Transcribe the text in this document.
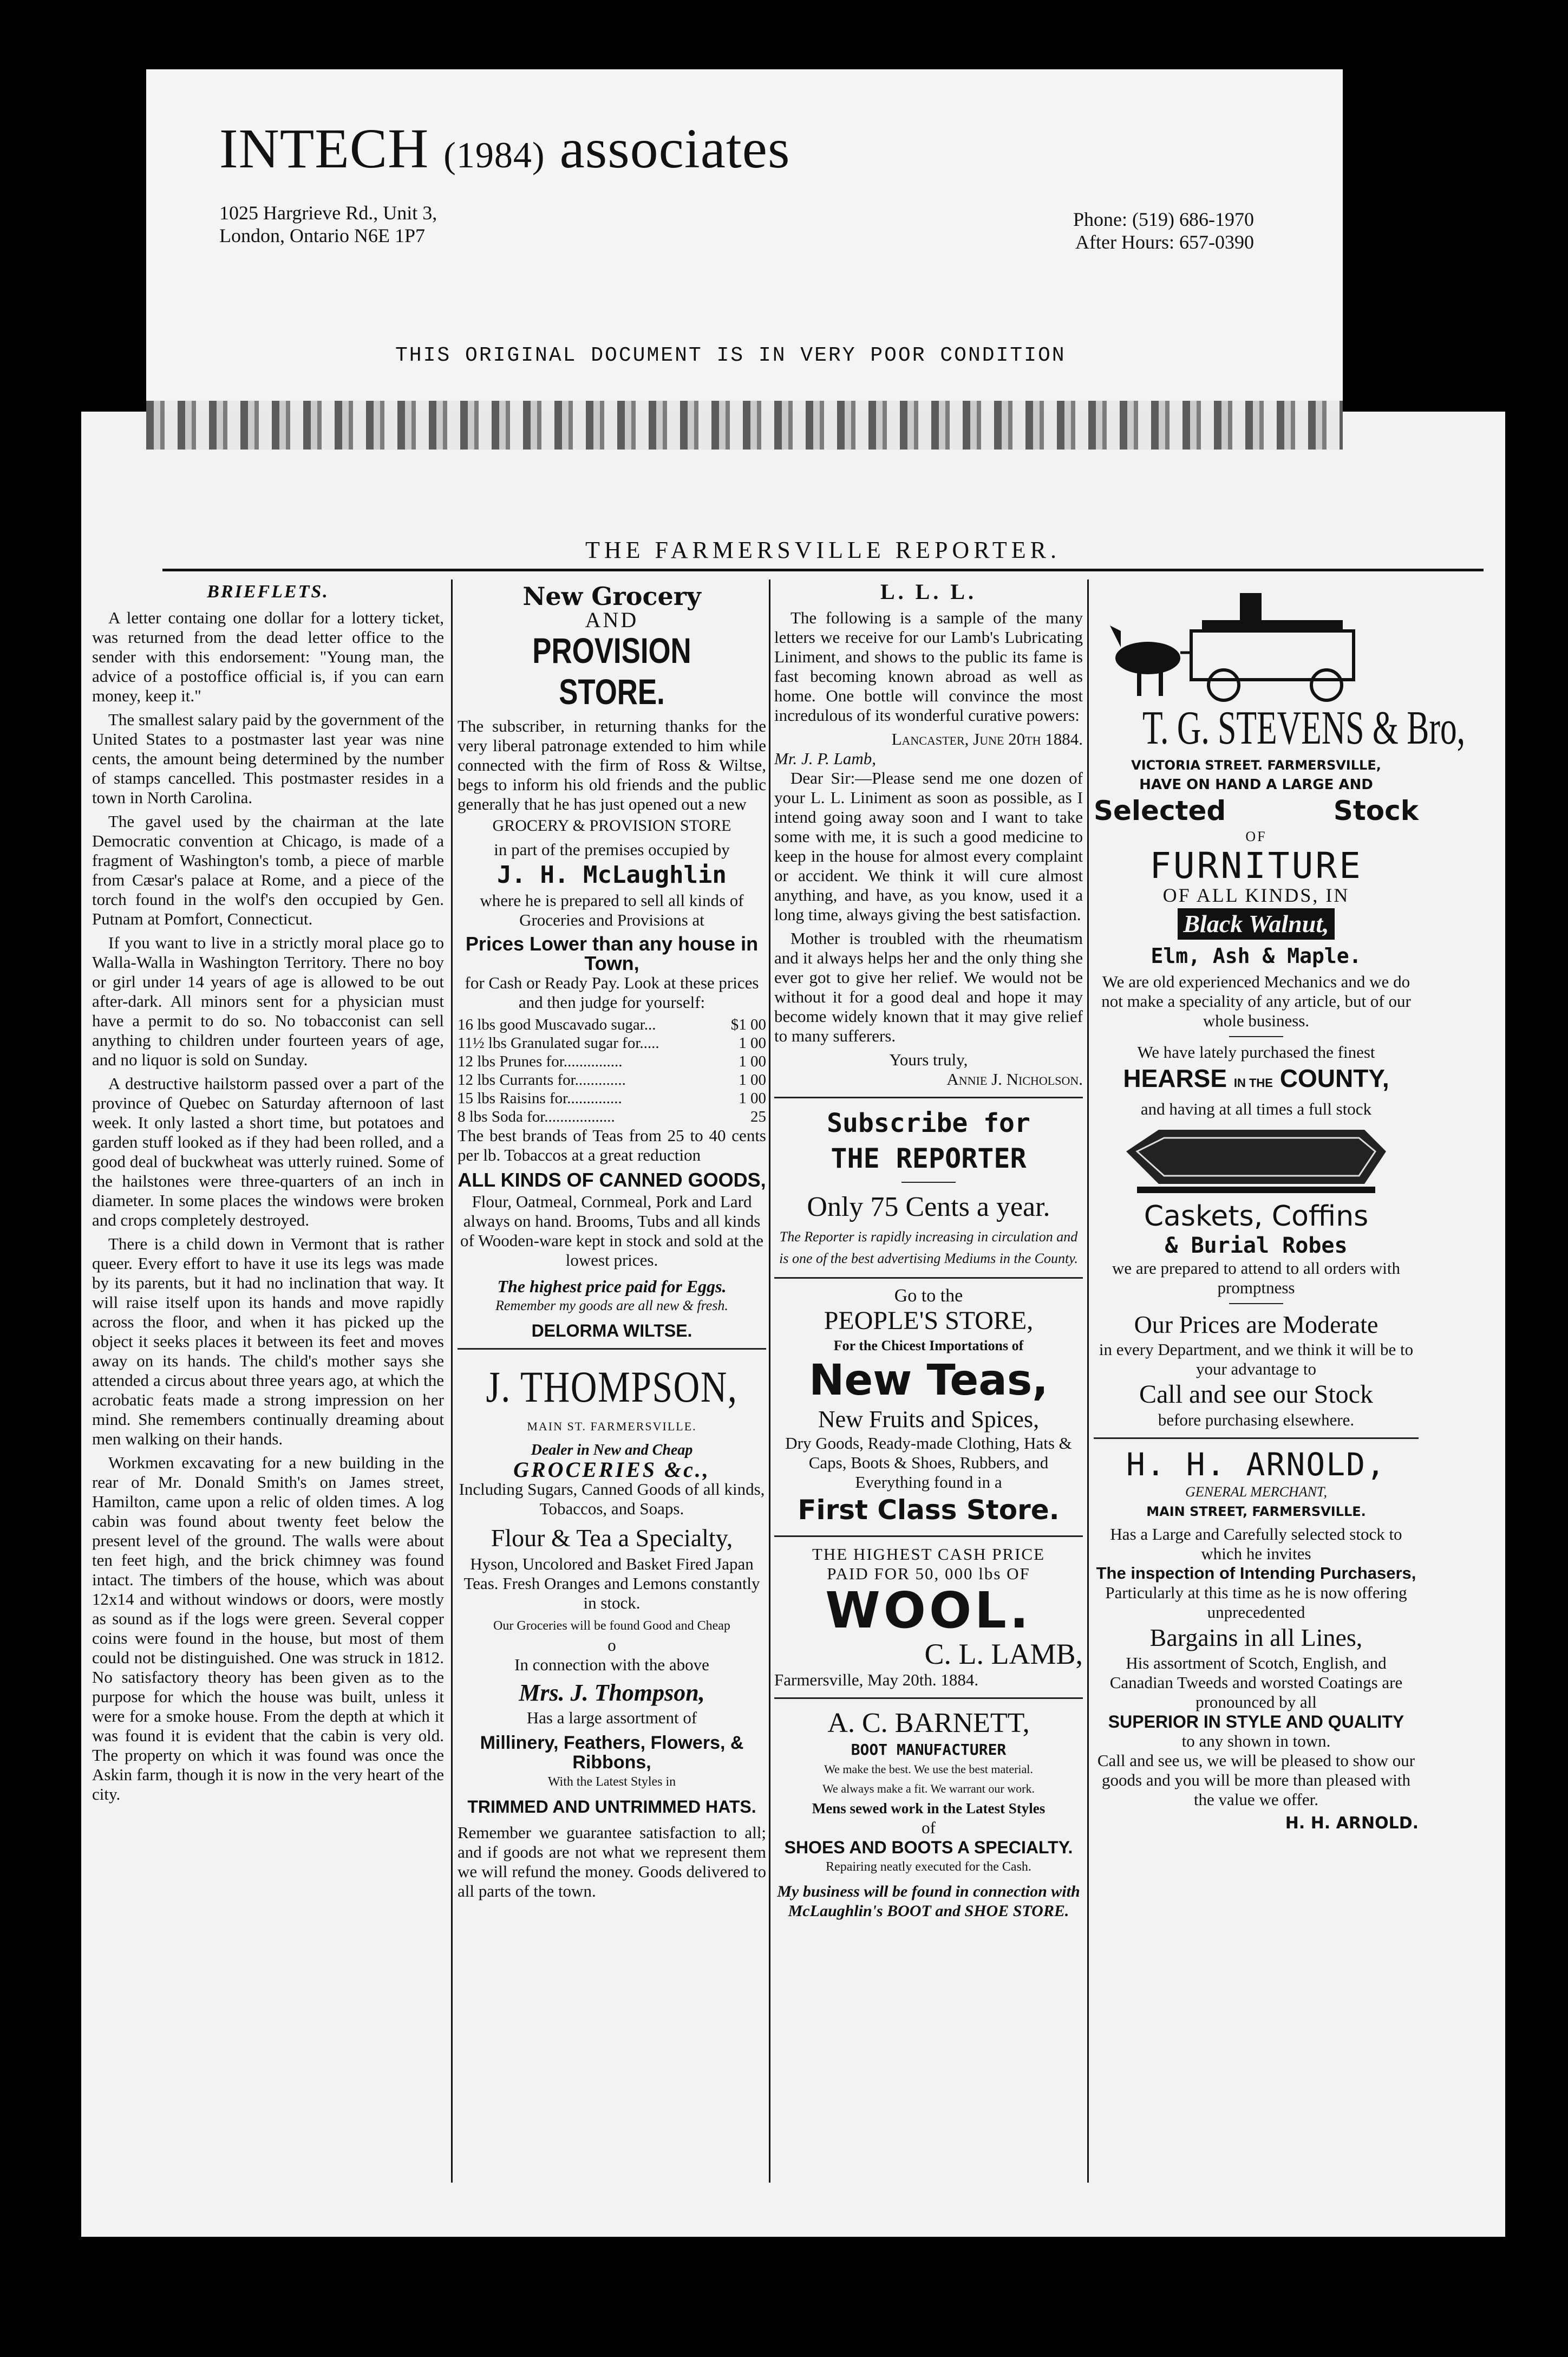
INTECH (1984) associates
1025 Hargrieve Rd., Unit 3,
London, Ontario N6E 1P7
Phone: (519) 686-1970
After Hours: 657-0390
THIS ORIGINAL DOCUMENT IS IN VERY POOR CONDITION
THE FARMERSVILLE REPORTER.
BRIEFLETS.

A letter containg one dollar for a lottery ticket, was returned from the dead letter office to the sender with this endorsement: "Young man, the advice of a postoffice official is, if you can earn money, keep it."

The smallest salary paid by the government of the United States to a postmaster last year was nine cents, the amount being determined by the number of stamps cancelled. This postmaster resides in a town in North Carolina.

The gavel used by the chairman at the late Democratic convention at Chicago, is made of a fragment of Washington's tomb, a piece of marble from Cæsar's palace at Rome, and a piece of the torch found in the wolf's den occupied by Gen. Putnam at Pomfort, Connecticut.

If you want to live in a strictly moral place go to Walla-Walla in Washington Territory. There no boy or girl under 14 years of age is allowed to be out after-dark. All minors sent for a physician must have a permit to do so. No tobacconist can sell anything to children under fourteen years of age, and no liquor is sold on Sunday.

A destructive hailstorm passed over a part of the province of Quebec on Saturday afternoon of last week. It only lasted a short time, but potatoes and garden stuff looked as if they had been rolled, and a good deal of buckwheat was utterly ruined. Some of the hailstones were three-quarters of an inch in diameter. In some places the windows were broken and crops completely destroyed.

There is a child down in Vermont that is rather queer. Every effort to have it use its legs was made by its parents, but it had no inclination that way. It will raise itself upon its hands and move rapidly across the floor, and when it has picked up the object it seeks places it between its feet and moves away on its hands. The child's mother says she attended a circus about three years ago, at which the acrobatic feats made a strong impression on her mind. She remembers continually dreaming about men walking on their hands.

Workmen excavating for a new building in the rear of Mr. Donald Smith's on James street, Hamilton, came upon a relic of olden times. A log cabin was found about twenty feet below the present level of the ground. The walls were about ten feet high, and the brick chimney was found intact. The timbers of the house, which was about 12x14 and without windows or doors, were mostly as sound as if the logs were green. Several copper coins were found in the house, but most of them could not be distinguished. One was struck in 1812. No satisfactory theory has been given as to the purpose for which the house was built, unless it were for a smoke house. From the depth at which it was found it is evident that the cabin is very old. The property on which it was found was once the Askin farm, though it is now in the very heart of the city.

New Grocery
AND
PROVISION STORE.
The subscriber, in returning thanks for the very liberal patronage extended to him while connected with the firm of Ross & Wiltse, begs to inform his old friends and the public generally that he has just opened out a new
GROCERY & PROVISION STORE
in part of the premises occupied by
J. H. McLaughlin
where he is prepared to sell all kinds of Groceries and Provisions at
Prices Lower than any house in Town,
for Cash or Ready Pay. Look at these prices and then judge for yourself:
16 lbs good Muscavado sugar...	$1 00
11½ lbs Granulated sugar for.....	1 00
12 lbs Prunes for...............	1 00
12 lbs Currants for.............	1 00
15 lbs Raisins for..............	1 00
8 lbs Soda for..................	25
The best brands of Teas from 25 to 40 cents per lb. Tobaccos at a great reduction
ALL KINDS OF CANNED GOODS,
Flour, Oatmeal, Cornmeal, Pork and Lard always on hand. Brooms, Tubs and all kinds of Wooden-ware kept in stock and sold at the lowest prices.
The highest price paid for Eggs.
Remember my goods are all new & fresh.
DELORMA WILTSE.
J. THOMPSON,
MAIN ST. FARMERSVILLE.
Dealer in New and Cheap
GROCERIES &c.,
Including Sugars, Canned Goods of all kinds, Tobaccos, and Soaps.
Flour & Tea a Specialty,
Hyson, Uncolored and Basket Fired Japan Teas. Fresh Oranges and Lemons constantly in stock.
Our Groceries will be found Good and Cheap
o
In connection with the above
Mrs. J. Thompson,
Has a large assortment of
Millinery, Feathers, Flowers, & Ribbons,
With the Latest Styles in
TRIMMED AND UNTRIMMED HATS.
Remember we guarantee satisfaction to all; and if goods are not what we represent them we will refund the money. Goods delivered to all parts of the town.
L. L. L.

The following is a sample of the many letters we receive for our Lamb's Lubricating Liniment, and shows to the public its fame is fast becoming known abroad as well as home. One bottle will convince the most incredulous of its wonderful curative powers:

Lancaster, June 20th 1884.
Mr. J. P. Lamb,

Dear Sir:—Please send me one dozen of your L. L. Liniment as soon as possible, as I intend going away soon and I want to take some with me, it is such a good medicine to keep in the house for almost every complaint or accident. We think it will cure almost anything, and have, as you know, used it a long time, always giving the best satisfaction.

Mother is troubled with the rheumatism and it always helps her and the only thing she ever got to give her relief. We would not be without it for a good deal and hope it may become widely known that it may give relief to many sufferers.

Yours truly,
Annie J. Nicholson.
Subscribe for
THE REPORTER
Only 75 Cents a year.
The Reporter is rapidly increasing in circulation and is one of the best advertising Mediums in the County.
Go to the
PEOPLE'S STORE,
For the Chicest Importations of
New Teas,
New Fruits and Spices,
Dry Goods, Ready-made Clothing, Hats & Caps, Boots & Shoes, Rubbers, and Everything found in a
First Class Store.
THE HIGHEST CASH PRICE
PAID FOR 50, 000 lbs OF
WOOL.
C. L. LAMB,
Farmersville, May 20th. 1884.
A. C. BARNETT,
BOOT MANUFACTURER
We make the best. We use the best material.
We always make a fit. We warrant our work.
Mens sewed work in the Latest Styles
of
SHOES AND BOOTS A SPECIALTY.
Repairing neatly executed for the Cash.
My business will be found in connection with McLaughlin's BOOT and SHOE STORE.
T. G. STEVENS & Bro,
VICTORIA STREET. FARMERSVILLE,
HAVE ON HAND A LARGE AND
Selected	Stock
OF
FURNITURE
OF ALL KINDS, IN
Black Walnut,
Elm, Ash & Maple.
We are old experienced Mechanics and we do not make a speciality of any article, but of our whole business.
We have lately purchased the finest
HEARSE IN THE COUNTY,
and having at all times a full stock
Caskets, Coffins
& Burial Robes
we are prepared to attend to all orders with promptness
Our Prices are Moderate
in every Department, and we think it will be to your advantage to
Call and see our Stock
before purchasing elsewhere.
H. H. ARNOLD,
GENERAL MERCHANT,
MAIN STREET, FARMERSVILLE.
Has a Large and Carefully selected stock to which he invites
The inspection of Intending Purchasers,
Particularly at this time as he is now offering unprecedented
Bargains in all Lines,
His assortment of Scotch, English, and Canadian Tweeds and worsted Coatings are pronounced by all
SUPERIOR IN STYLE AND QUALITY
to any shown in town.
Call and see us, we will be pleased to show our goods and you will be more than pleased with the value we offer.
H. H. ARNOLD.
